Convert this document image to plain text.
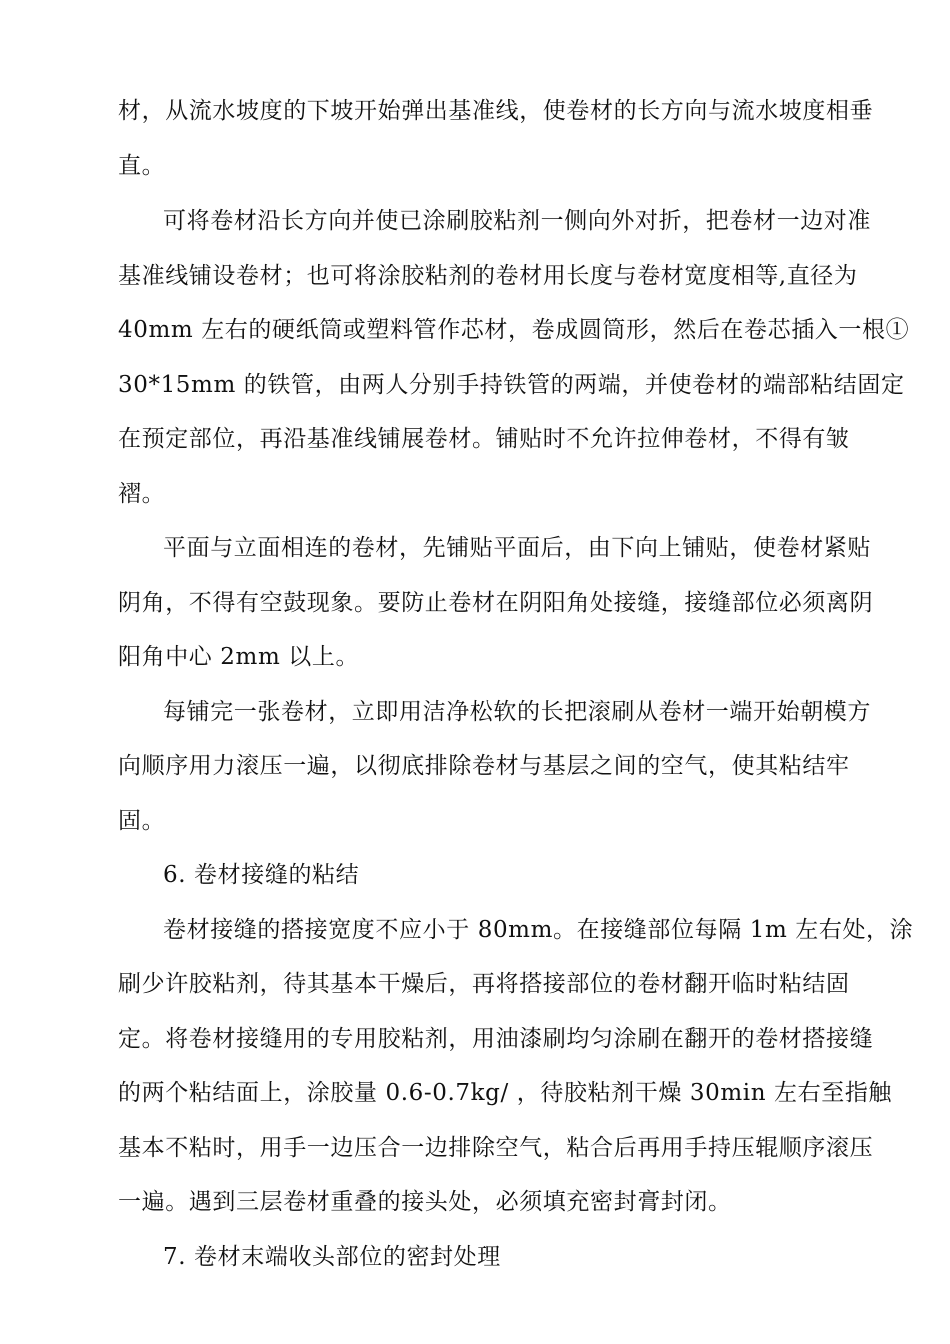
材，从流水坡度的下坡开始弹出基准线，使卷材的长方向与流水坡度相垂
直。
可将卷材沿长方向并使已涂刷胶粘剂一侧向外对折，把卷材一边对准
基准线铺设卷材；也可将涂胶粘剂的卷材用长度与卷材宽度相等,直径为
40mm 左右的硬纸筒或塑料管作芯材，卷成圆筒形，然后在卷芯插入一根①
30*15mm 的铁管，由两人分别手持铁管的两端，并使卷材的端部粘结固定
在预定部位，再沿基准线铺展卷材。铺贴时不允许拉伸卷材，不得有皱
褶。
平面与立面相连的卷材，先铺贴平面后，由下向上铺贴，使卷材紧贴
阴角，不得有空鼓现象。要防止卷材在阴阳角处接缝，接缝部位必须离阴
阳角中心 2mm 以上。
每铺完一张卷材，立即用洁净松软的长把滚刷从卷材一端开始朝模方
向顺序用力滚压一遍，以彻底排除卷材与基层之间的空气，使其粘结牢
固。
6. 卷材接缝的粘结
卷材接缝的搭接宽度不应小于 80mm。在接缝部位每隔 1m 左右处，涂
刷少许胶粘剂，待其基本干燥后，再将搭接部位的卷材翻开临时粘结固
定。将卷材接缝用的专用胶粘剂，用油漆刷均匀涂刷在翻开的卷材搭接缝
的两个粘结面上，涂胶量 0.6-0.7kg/ ，待胶粘剂干燥 30min 左右至指触
基本不粘时，用手一边压合一边排除空气，粘合后再用手持压辊顺序滚压
一遍。遇到三层卷材重叠的接头处，必须填充密封膏封闭。
7. 卷材末端收头部位的密封处理
